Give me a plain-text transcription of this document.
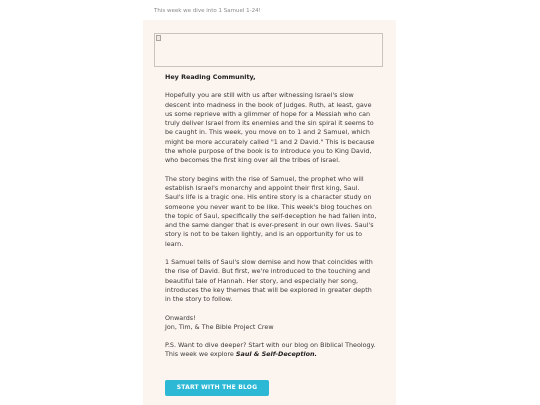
This week we dive into 1 Samuel 1-24!
Hey Reading Community,

Hopefully you are still with us after witnessing Israel's slow descent into madness in the book of Judges. Ruth, at least, gave us some reprieve with a glimmer of hope for a Messiah who can truly deliver Israel from its enemies and the sin spiral it seems to be caught in. This week, you move on to 1 and 2 Samuel, which might be more accurately called "1 and 2 David." This is because the whole purpose of the book is to introduce you to King David, who becomes the first king over all the tribes of Israel.

The story begins with the rise of Samuel, the prophet who will establish Israel's monarchy and appoint their first king, Saul. Saul's life is a tragic one. His entire story is a character study on someone you never want to be like. This week's blog touches on the topic of Saul, specifically the self-deception he had fallen into, and the same danger that is ever-present in our own lives. Saul's story is not to be taken lightly, and is an opportunity for us to learn.

1 Samuel tells of Saul's slow demise and how that coincides with the rise of David. But first, we're introduced to the touching and beautiful tale of Hannah. Her story, and especially her song, introduces the key themes that will be explored in greater depth in the story to follow.

Onwards!
Jon, Tim, & The Bible Project Crew

P.S. Want to dive deeper? Start with our blog on Biblical Theology. This week we explore Saul & Self-Deception.

START WITH THE BLOG
